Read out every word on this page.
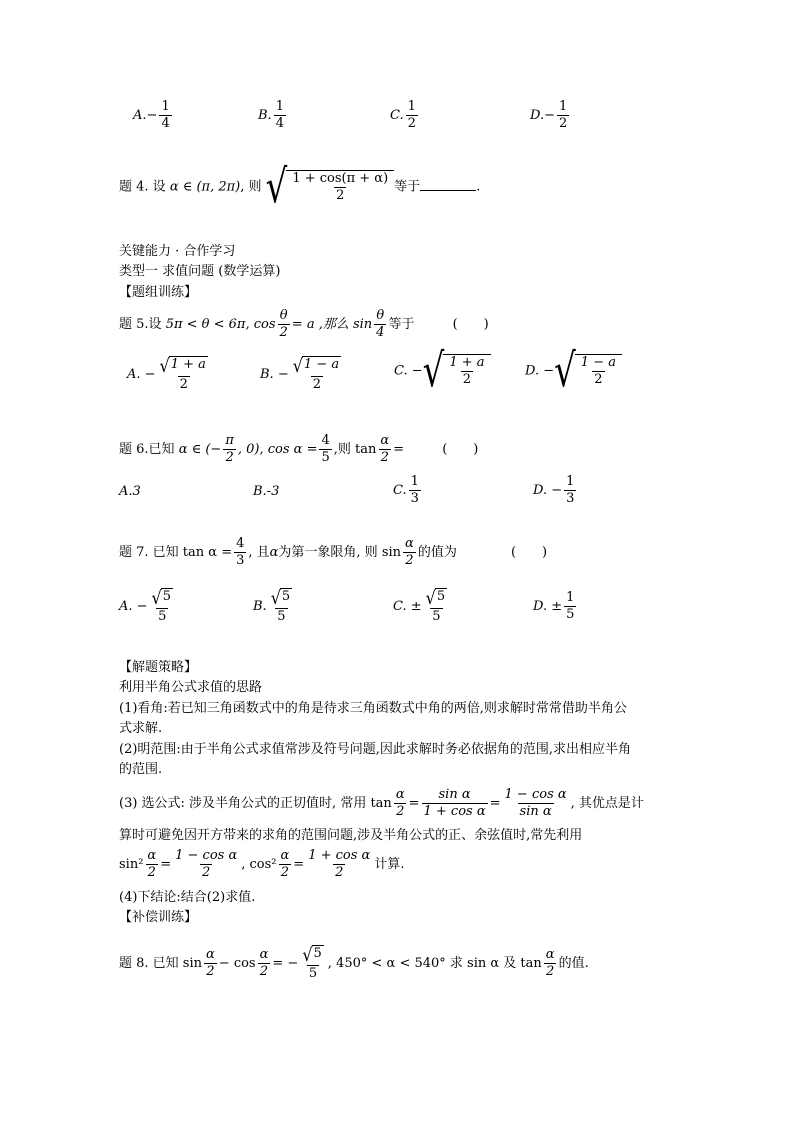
$A.- \frac{1}{4}$	B. $\frac{1}{4}$	C. $\frac{1}{2}$	$D.- \frac{1}{2}$
题 4. 设 α ∈ (π, 2π), 则 √ $\frac{1 + \cos(\pi + \alpha)}{2}$ 等于	.
关键能力 · 合作学习
类型一 求值问题 (数学运算)
【题组训练】
题 5.设 5π < θ < 6π, $\cos \frac{\theta}{2} = a$ ,那么 $\sin \frac{\theta}{4}$ 等于	(　　)
A. − $\frac{√ 1 + a}{2}$	B. − $\frac{√ 1 - a}{2}$	C. − √ $\frac{1 + a}{2}$	D. − √ $\frac{1 - a}{2}$
题 6.已知 α ∈ (− $\frac{\pi}{2}$ , 0), $\cos \alpha = \frac{4}{5}$ ,则 $\tan \frac{\alpha}{2}$ =	(　　)
A.3	B.-3	C. $\frac{1}{3}$	D. − $\frac{1}{3}$
题 7. 已知 $\tan \alpha = \frac{4}{3}$ , 且α为第一象限角, 则 $\sin \frac{\alpha}{2}$ 的值为	(　　)
A. − $\frac{√ 5}{5}$	B. $\frac{√ 5}{5}$	C. ± $\frac{√ 5}{5}$	D. ± $\frac{1}{5}$
【解题策略】
利用半角公式求值的思路
(1)看角:若已知三角函数式中的角是待求三角函数式中角的两倍,则求解时常常借助半角公
式求解.
(2)明范围:由于半角公式求值常涉及符号问题,因此求解时务必依据角的范围,求出相应半角
的范围.
(3) 选公式: 涉及半角公式的正切值时, 常用 $\tan \frac{\alpha}{2} = \frac{\text{sin α}}{\text{1 + cos α}} = \frac{\text{1 − cos α}}{\text{sin α}}$ , 其优点是计
算时可避免因开方带来的求角的范围问题,涉及半角公式的正、余弦值时,常先利用
$\sin^2 \frac{\alpha}{2} = \frac{\text{1 − cos α}}{2}$ , $\cos^2 \frac{\alpha}{2} = \frac{\text{1 + cos α}}{2}$ 计算.
(4)下结论:结合(2)求值.
【补偿训练】
题 8. 已知 $\sin \frac{\alpha}{2} - \cos \frac{\alpha}{2}$ = − $\frac{√ 5}{5}$ , 450° < α < 540° 求 sin α 及 $\tan \frac{\alpha}{2}$ 的值.
